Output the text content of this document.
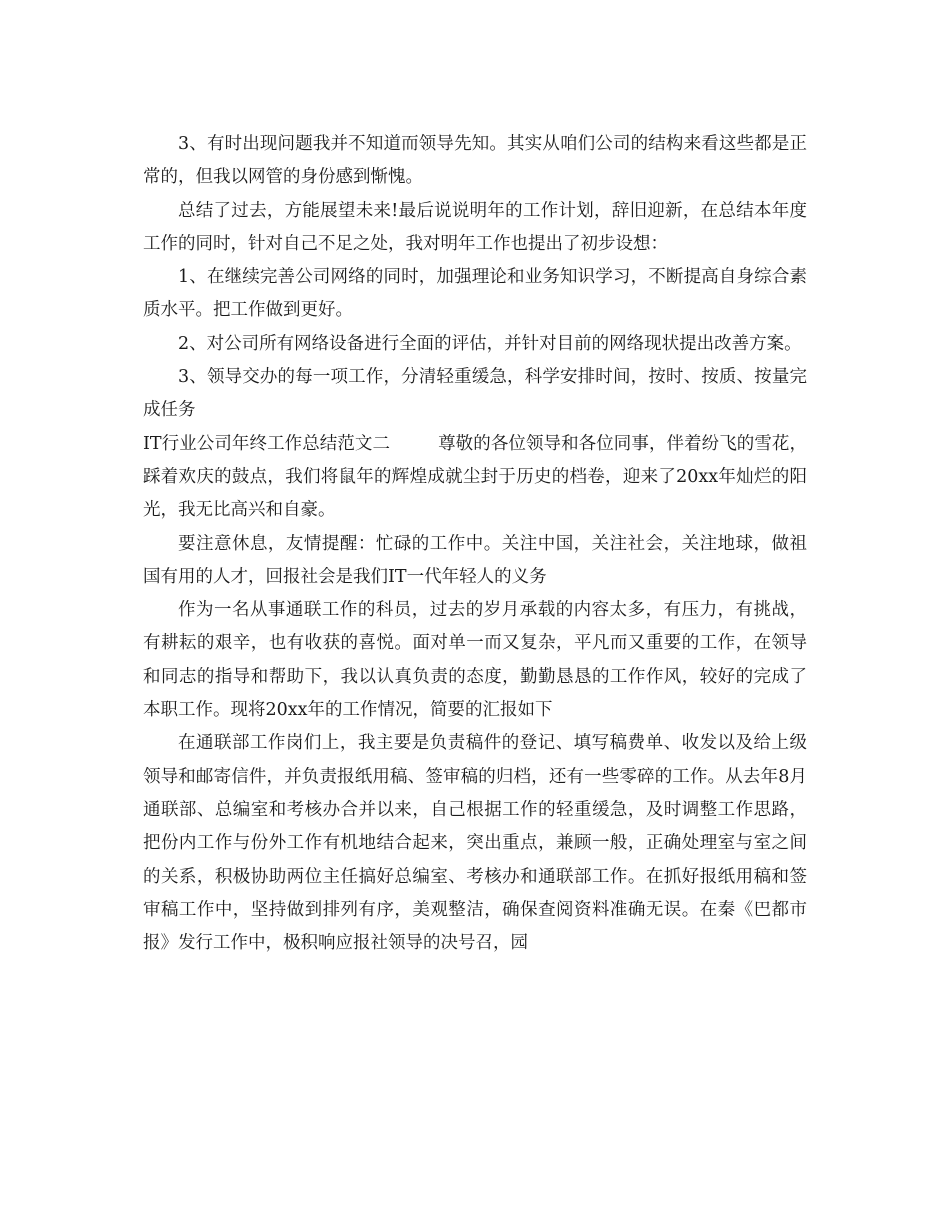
3、有时出现问题我并不知道而领导先知。其实从咱们公司的结构来看这些都是正常的，但我以网管的身份感到惭愧。

总结了过去，方能展望未来!最后说说明年的工作计划，辞旧迎新，在总结本年度工作的同时，针对自己不足之处，我对明年工作也提出了初步设想：

1、在继续完善公司网络的同时，加强理论和业务知识学习，不断提高自身综合素质水平。把工作做到更好。

2、对公司所有网络设备进行全面的评估，并针对目前的网络现状提出改善方案。

3、领导交办的每一项工作，分清轻重缓急，科学安排时间，按时、按质、按量完成任务

IT行业公司年终工作总结范文二	尊敬的各位领导和各位同事，伴着纷飞的雪花，踩着欢庆的鼓点，我们将鼠年的辉煌成就尘封于历史的档卷，迎来了20xx年灿烂的阳光，我无比高兴和自豪。

要注意休息，友情提醒：忙碌的工作中。关注中国，关注社会，关注地球，做祖国有用的人才，回报社会是我们IT一代年轻人的义务

作为一名从事通联工作的科员，过去的岁月承载的内容太多，有压力，有挑战，有耕耘的艰辛，也有收获的喜悦。面对单一而又复杂，平凡而又重要的工作，在领导和同志的指导和帮助下，我以认真负责的态度，勤勤恳恳的工作作风，较好的完成了本职工作。现将20xx年的工作情况，简要的汇报如下

在通联部工作岗们上，我主要是负责稿件的登记、填写稿费单、收发以及给上级领导和邮寄信件，并负责报纸用稿、签审稿的归档，还有一些零碎的工作。从去年8月通联部、总编室和考核办合并以来，自己根据工作的轻重缓急，及时调整工作思路，把份内工作与份外工作有机地结合起来，突出重点，兼顾一般，正确处理室与室之间的关系，积极协助两位主任搞好总编室、考核办和通联部工作。在抓好报纸用稿和签审稿工作中，坚持做到排列有序，美观整洁，确保查阅资料准确无误。在秦《巴都市报》发行工作中，极积响应报社领导的决号召，园
